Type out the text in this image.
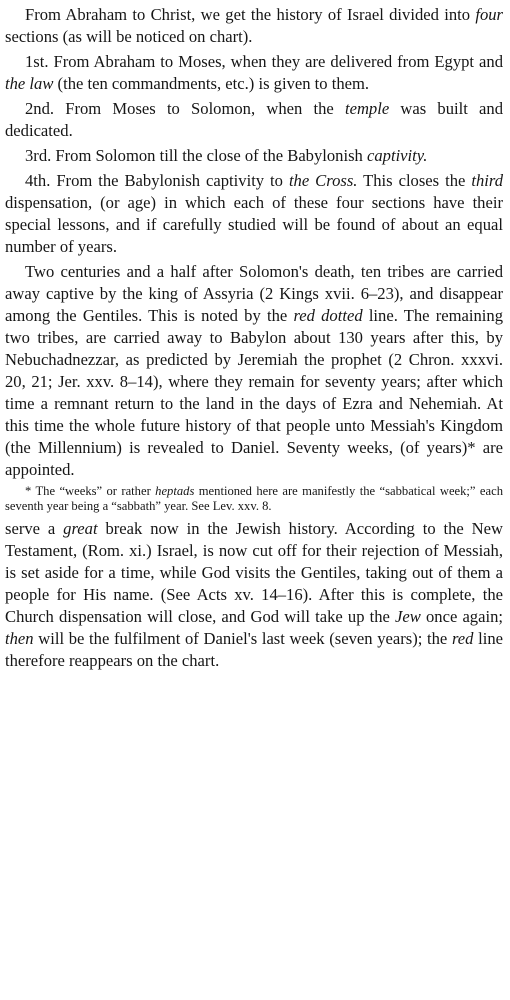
From Abraham to Christ, we get the history of Israel divided into four sections (as will be noticed on chart).

1st. From Abraham to Moses, when they are delivered from Egypt and the law (the ten commandments, etc.) is given to them.

2nd. From Moses to Solomon, when the temple was built and dedicated.

3rd. From Solomon till the close of the Babylonish captivity.

4th. From the Babylonish captivity to the Cross. This closes the third dispensation, (or age) in which each of these four sections have their special lessons, and if carefully studied will be found of about an equal number of years.

Two centuries and a half after Solomon's death, ten tribes are carried away captive by the king of Assyria (2 Kings xvii. 6–23), and disappear among the Gentiles. This is noted by the red dotted line. The remaining two tribes, are carried away to Babylon about 130 years after this, by Nebuchadnezzar, as predicted by Jeremiah the prophet (2 Chron. xxxvi. 20, 21; Jer. xxv. 8–14), where they remain for seventy years; after which time a remnant return to the land in the days of Ezra and Nehemiah. At this time the whole future history of that people unto Messiah's Kingdom (the Millennium) is revealed to Daniel. Seventy weeks, (of years)* are appointed.

* The “weeks” or rather heptads mentioned here are manifestly the “sabbatical week;” each seventh year being a “sabbath” year. See Lev. xxv. 8.

serve a great break now in the Jewish history. According to the New Testament, (Rom. xi.) Israel, is now cut off for their rejection of Messiah, is set aside for a time, while God visits the Gentiles, taking out of them a people for His name. (See Acts xv. 14–16). After this is complete, the Church dispensation will close, and God will take up the Jew once again; then will be the fulfilment of Daniel's last week (seven years); the red line therefore reappears on the chart.
